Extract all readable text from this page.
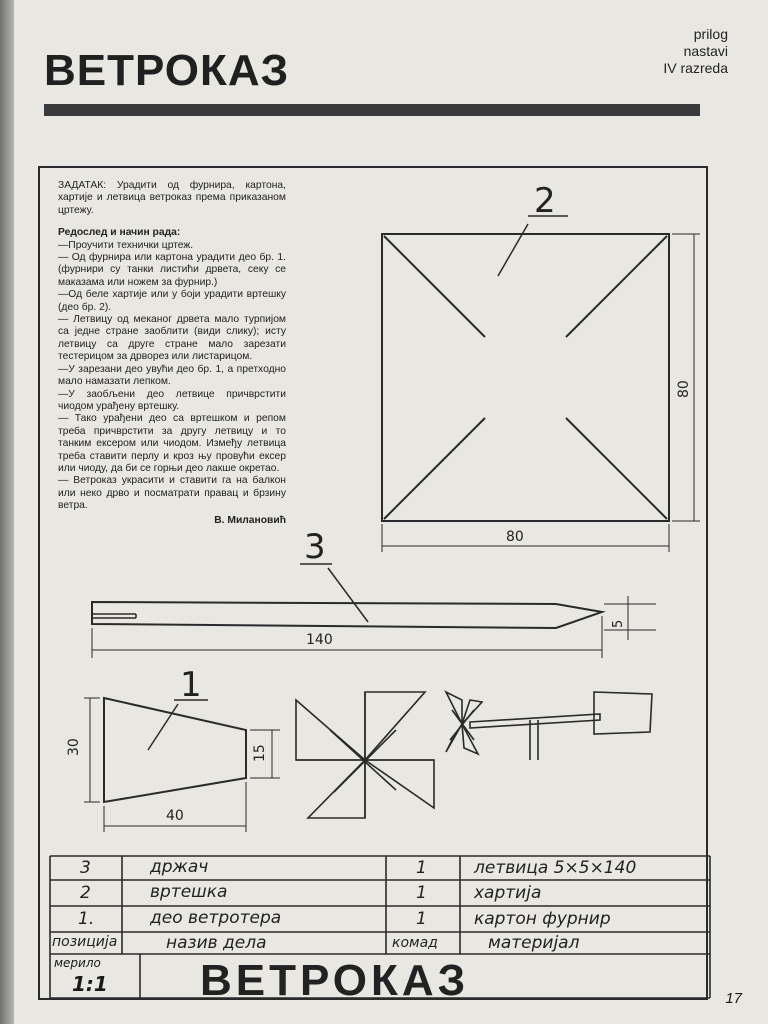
ВЕТРОКАЗ
prilog
nastavi
IV razreda

ЗАДАТАК: Урадити од фурнира, картона, хартије и летвица ветроказ према приказаном цртежу.

Редослед и начин рада:

—Проучити технички цртеж.

— Од фурнира или картона урадити део бр. 1. (фурнири су танки листићи дрвета, секу се маказама или ножем за фурнир.)

—Од беле хартије или у боји урадити вртешку (део бр. 2).

— Летвицу од меканог дрвета мало турпијом са једне стране заоблити (види слику); исту летвицу са друге стране мало зарезати тестерицом за дрворез или листарицом.

—У зарезани део увући део бр. 1, а претходно мало намазати лепком.

—У заобљени део летвице причврстити чиодом урађену вртешку.

— Тако урађени део са вртешком и репом треба причврстити за другу летвицу и то танким ексером или чиодом. Између летвица треба ставити перлу и кроз њу провући ексер или чиоду, да би се горњи део лакше окретао.

— Ветроказ украсити и ставити га на балкон или неко дрво и посматрати правац и брзину ветра.

В. Милановић

2
80
80
3
140
5
1
30	15
40
3	држач	1	летвица 5×5×140
2	вртешка	1	хартија
1.	део ветротера	1	картон фурнир
позиција	назив дела	комад	материјал
мерило
1:1 ВЕТРОКАЗ	17
